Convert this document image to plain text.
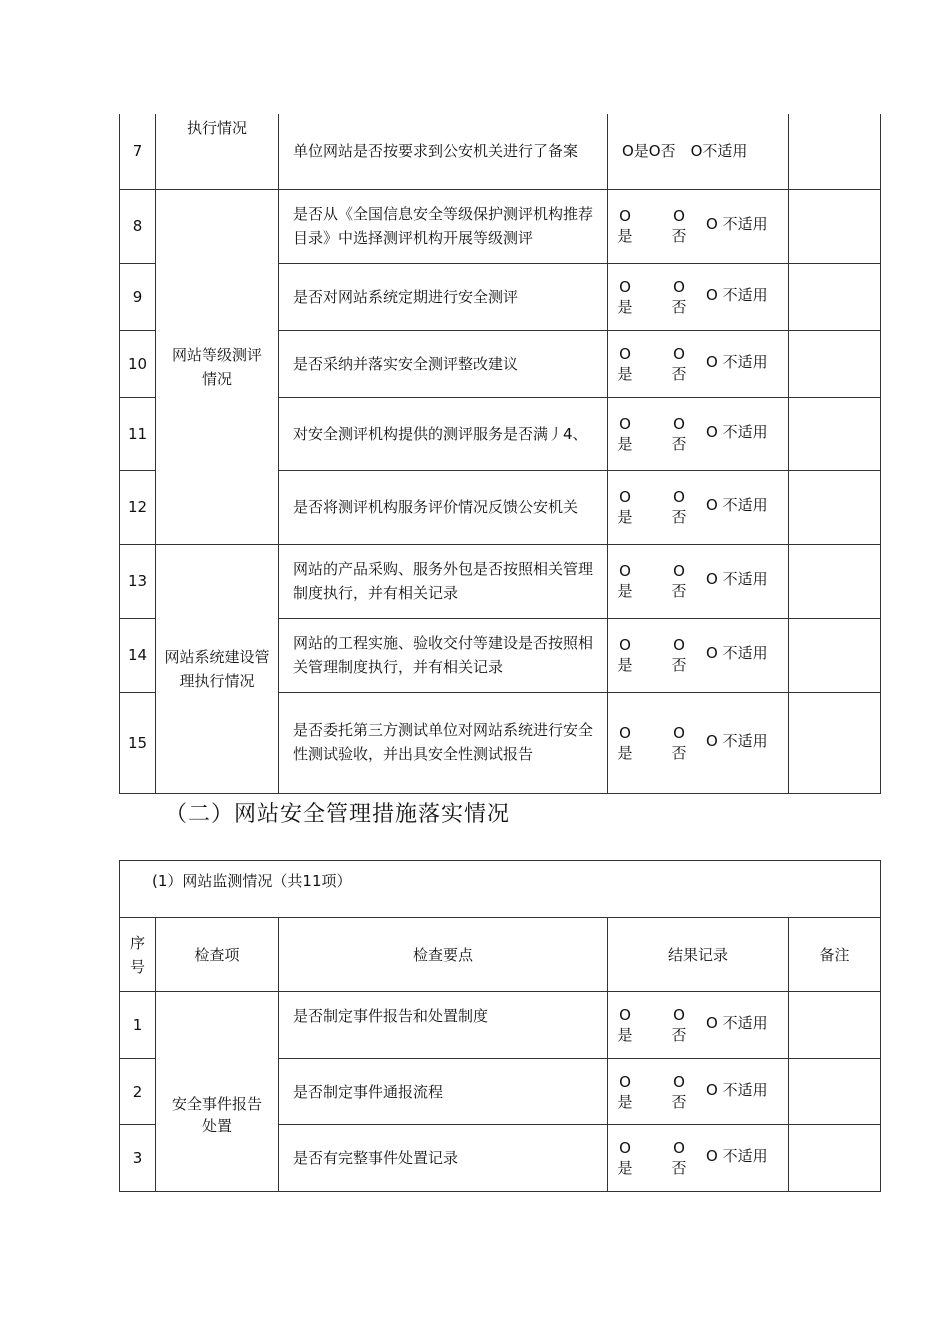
7	执行情况	单位网站是否按要求到公安机关进行了备案	O是O否　O不适用	
8	网站等级测评情况	是否从《全国信息安全等级保护测评机构推荐目录》中选择测评机构开展等级测评	O
是
O
否
O 不适用	

9		是否对网站系统定期进行安全测评	O
是
O
否
O 不适用	

10		是否采纳并落实安全测评整改建议	O
是
O
否
O 不适用	

11		对安全测评机构提供的测评服务是否满丿4、	O
是
O
否
O 不适用	

12		是否将测评机构服务评价情况反馈公安机关	O
是
O
否
O 不适用	

13	网站系统建设管理执行情况	网站的产品采购、服务外包是否按照相关管理制度执行，并有相关记录	O
是
O
否
O 不适用	

14		网站的工程实施、验收交付等建设是否按照相关管理制度执行，并有相关记录	O
是
O
否
O 不适用	

15		是否委托第三方测试单位对网站系统进行安全性测试验收，并出具安全性测试报告	O
是
O
否
O 不适用	

（二）网站安全管理措施落实情况
(1）网站监测情况（共11项）				

序号	检查项	检查要点	结果记录	备注
1	安全事件报告处置	是否制定事件报告和处置制度	O
是
O
否
O 不适用	

2		是否制定事件通报流程	O
是
O
否
O 不适用	

3		是否有完整事件处置记录	O
是
O
否
O 不适用	
